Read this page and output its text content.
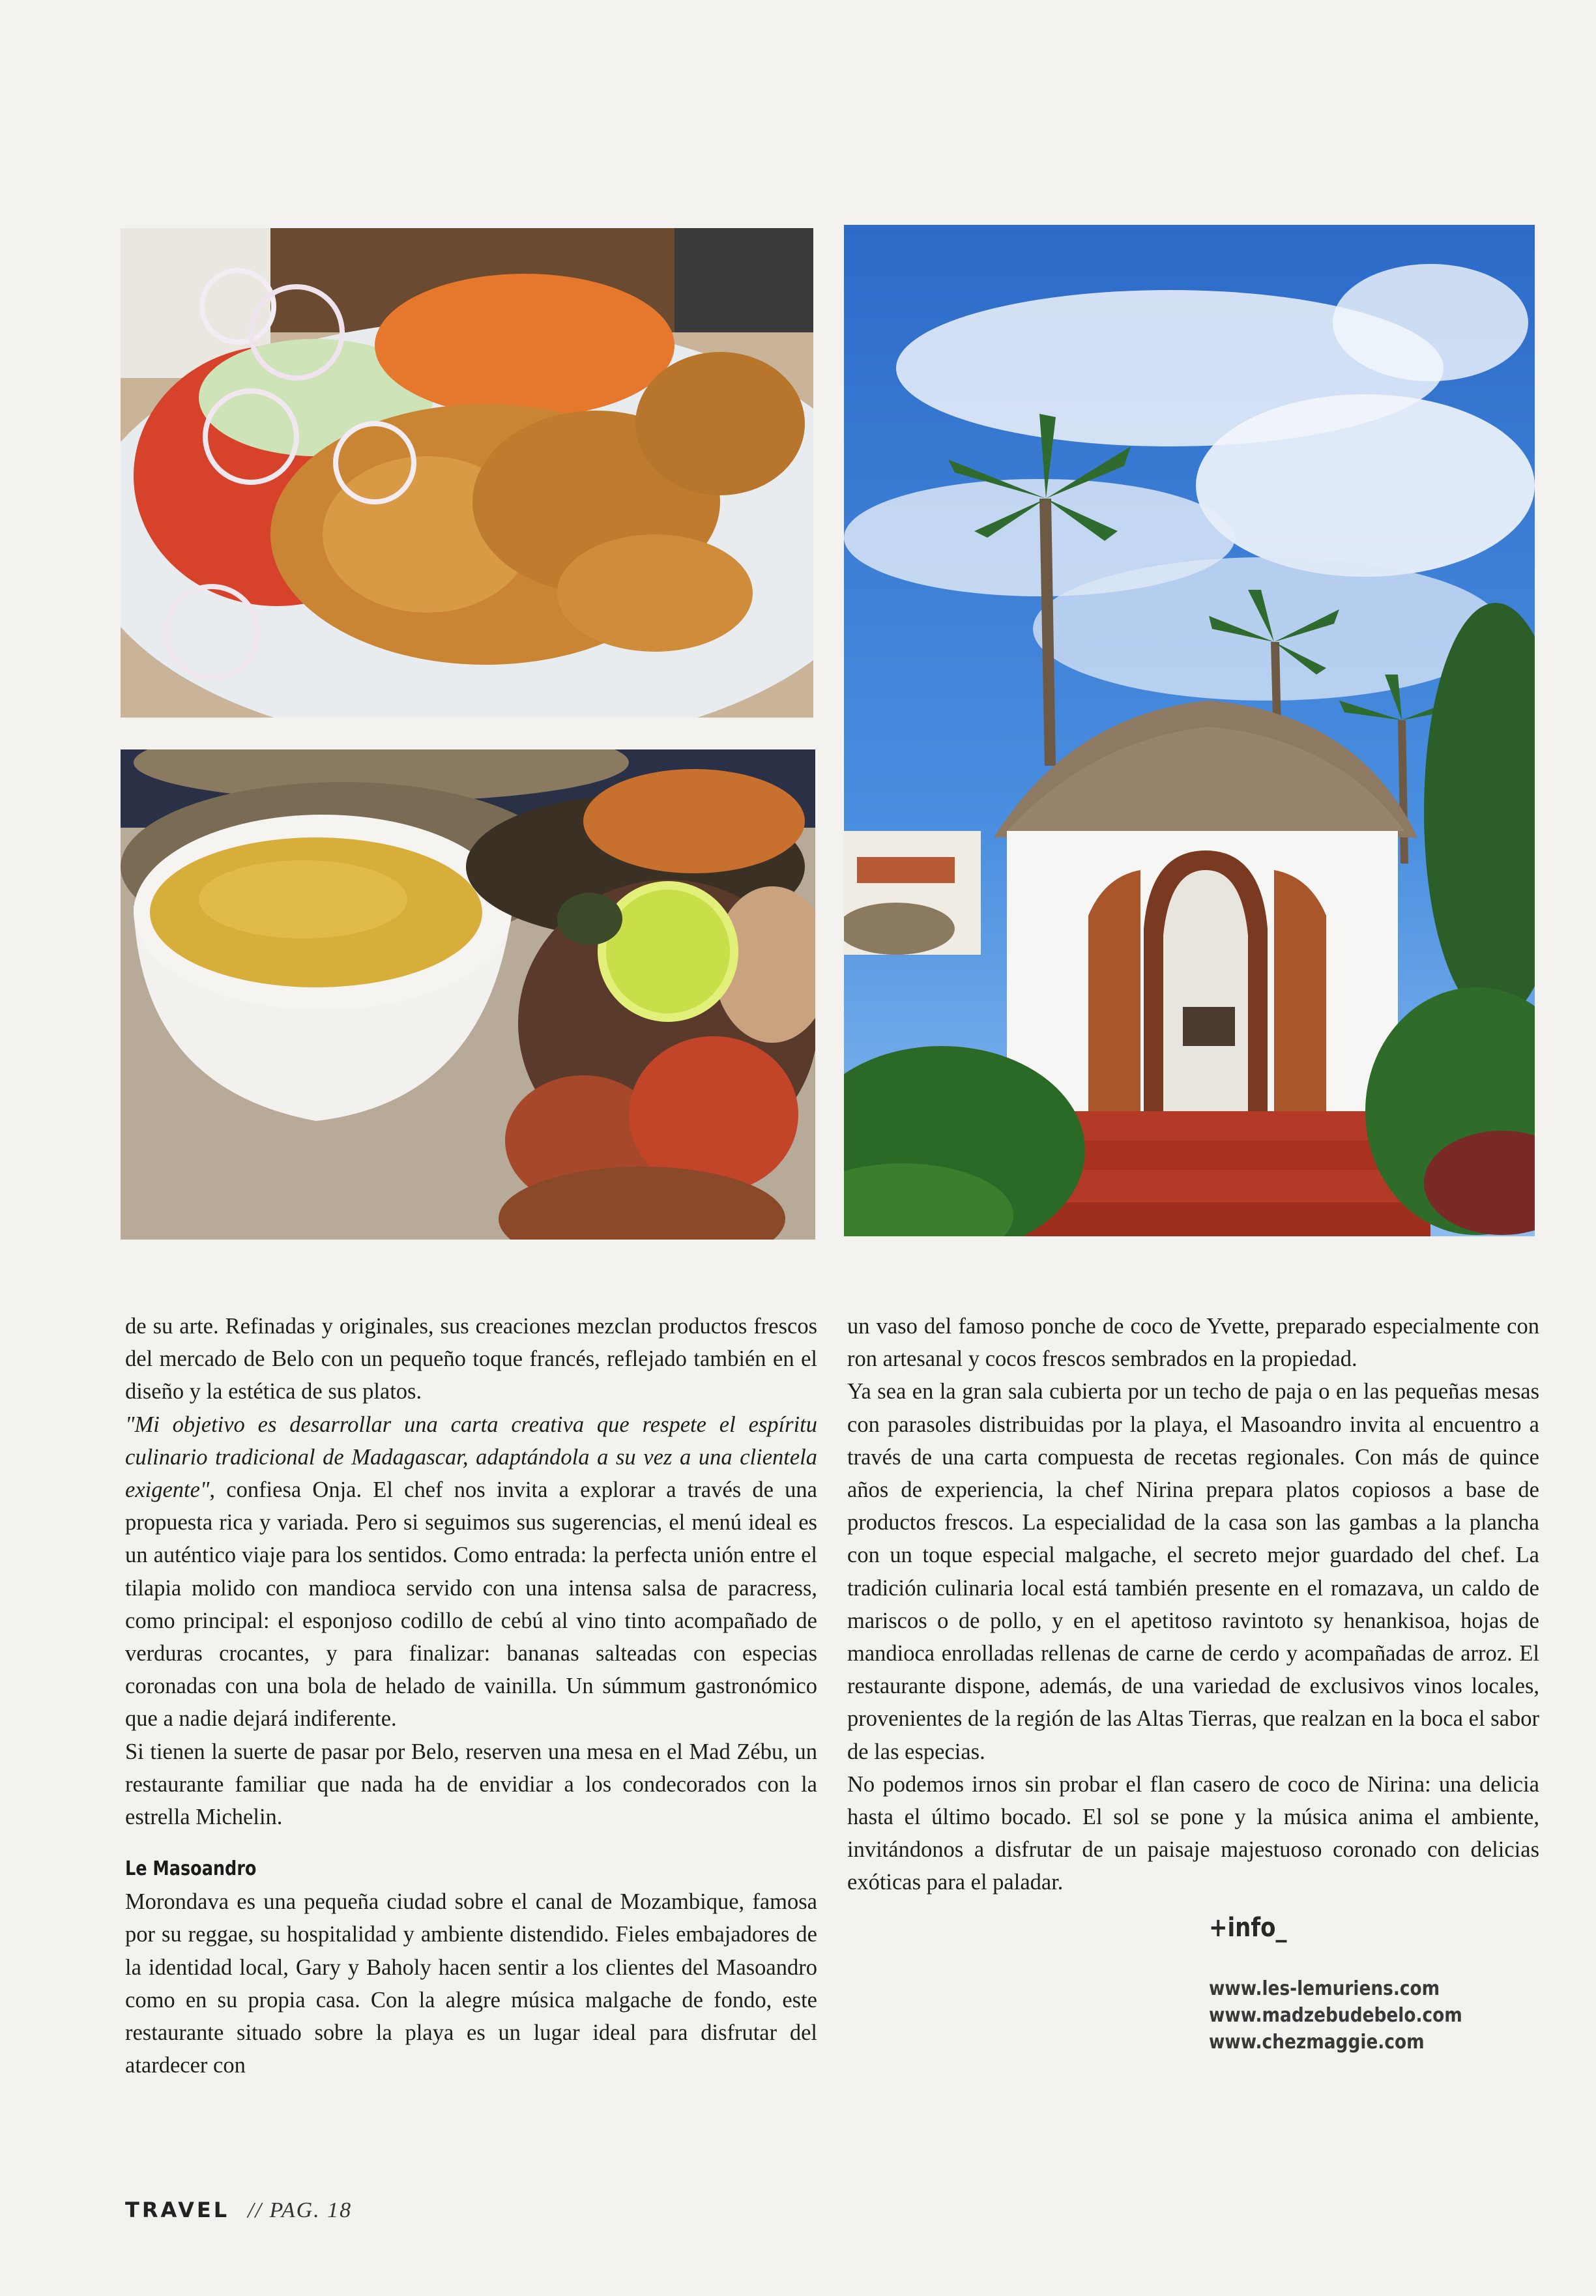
de su arte. Refinadas y originales, sus creaciones mezclan productos frescos del mercado de Belo con un pequeño toque francés, reflejado también en el diseño y la estética de sus platos.

"Mi objetivo es desarrollar una carta creativa que respete el espíritu culinario tradicional de Madagascar, adaptándola a su vez a una clientela exigente", confiesa Onja. El chef nos invita a explorar a través de una propuesta rica y variada. Pero si seguimos sus sugerencias, el menú ideal es un auténtico viaje para los sentidos. Como entrada: la perfecta unión entre el tilapia molido con mandioca servido con una intensa salsa de paracress, como principal: el esponjoso codillo de cebú al vino tinto acompañado de verduras crocantes, y para finalizar: bananas salteadas con especias coronadas con una bola de helado de vainilla. Un súmmum gastronómico que a nadie dejará indiferente.

Si tienen la suerte de pasar por Belo, reserven una mesa en el Mad Zébu, un restaurante familiar que nada ha de envidiar a los condecorados con la estrella Michelin.

Le Masoandro

Morondava es una pequeña ciudad sobre el canal de Mozambique, famosa por su reggae, su hospitalidad y ambiente distendido. Fieles embajadores de la identidad local, Gary y Baholy hacen sentir a los clientes del Masoandro como en su propia casa. Con la alegre música malgache de fondo, este restaurante situado sobre la playa es un lugar ideal para disfrutar del atardecer con

un vaso del famoso ponche de coco de Yvette, preparado especialmente con ron artesanal y cocos frescos sembrados en la propiedad.

Ya sea en la gran sala cubierta por un techo de paja o en las pequeñas mesas con parasoles distribuidas por la playa, el Masoandro invita al encuentro a través de una carta compuesta de recetas regionales. Con más de quince años de experiencia, la chef Nirina prepara platos copiosos a base de productos frescos. La especialidad de la casa son las gambas a la plancha con un toque especial malgache, el secreto mejor guardado del chef. La tradición culinaria local está también presente en el romazava, un caldo de mariscos o de pollo, y en el apetitoso ravintoto sy henankisoa, hojas de mandioca enrolladas rellenas de carne de cerdo y acompañadas de arroz. El restaurante dispone, además, de una variedad de exclusivos vinos locales, provenientes de la región de las Altas Tierras, que realzan en la boca el sabor de las especias.

No podemos irnos sin probar el flan casero de coco de Nirina: una delicia hasta el último bocado. El sol se pone y la música anima el ambiente, invitándonos a disfrutar de un paisaje majestuoso coronado con delicias exóticas para el paladar.

+info_
www.les-lemuriens.com
www.madzebudebelo.com
www.chezmaggie.com
TRAVEL // PAG. 18
